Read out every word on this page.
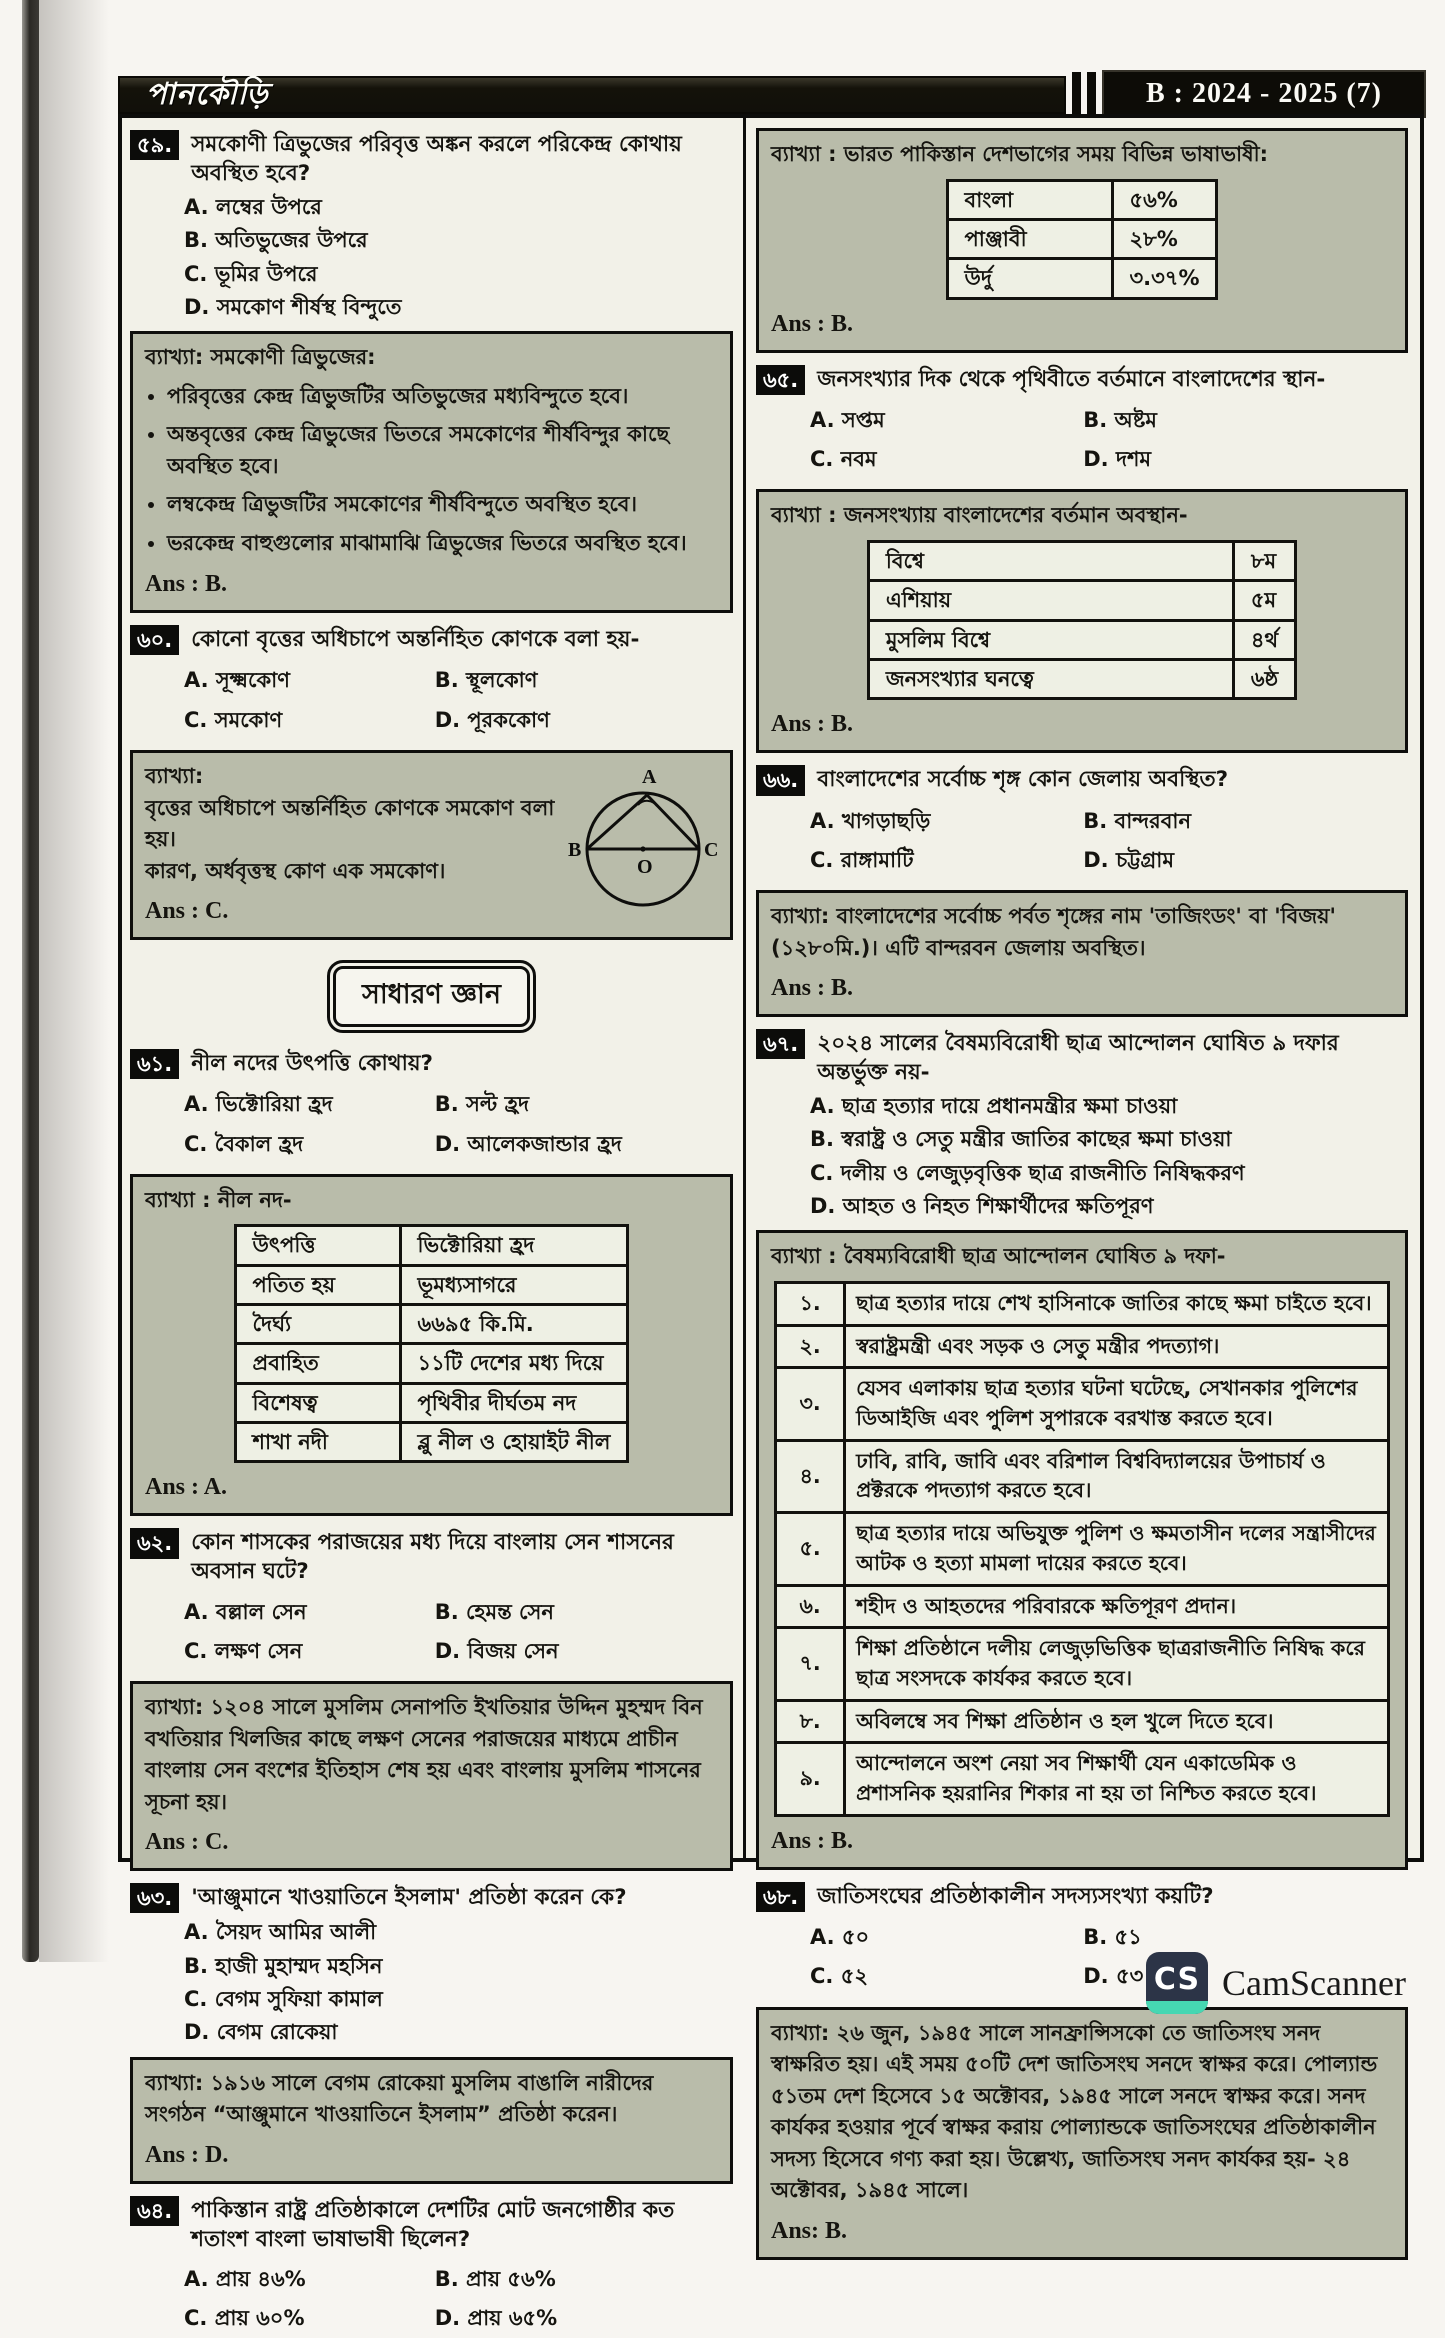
পানকৌড়ি	B : 2024 - 2025 (7)
৫৯. সমকোণী ত্রিভুজের পরিবৃত্ত অঙ্কন করলে পরিকেন্দ্র কোথায় অবস্থিত হবে?
A. লম্বের উপরে
B. অতিভুজের উপরে
C. ভূমির উপরে
D. সমকোণ শীর্ষস্থ বিন্দুতে
ব্যাখ্যা: সমকোণী ত্রিভুজের:
• পরিবৃত্তের কেন্দ্র ত্রিভুজটির অতিভুজের মধ্যবিন্দুতে হবে।
• অন্তবৃত্তের কেন্দ্র ত্রিভুজের ভিতরে সমকোণের শীর্ষবিন্দুর কাছে অবস্থিত হবে।
• লম্বকেন্দ্র ত্রিভুজটির সমকোণের শীর্ষবিন্দুতে অবস্থিত হবে।
• ভরকেন্দ্র বাহুগুলোর মাঝামাঝি ত্রিভুজের ভিতরে অবস্থিত হবে।
Ans : B.
৬০. কোনো বৃত্তের অধিচাপে অন্তর্নিহিত কোণকে বলা হয়-
A. সূক্ষ্মকোণ	B. স্থূলকোণ
C. সমকোণ	D. পূরককোণ
ব্যাখ্যা:
বৃত্তের অধিচাপে অন্তর্নিহিত কোণকে সমকোণ বলা হয়।
কারণ, অর্ধবৃত্তস্থ কোণ এক সমকোণ।
Ans : C.
A
B	C
O
সাধারণ জ্ঞান
৬১. নীল নদের উৎপত্তি কোথায়?
A. ভিক্টোরিয়া হ্রদ	B. সল্ট হ্রদ
C. বৈকাল হ্রদ	D. আলেকজান্ডার হ্রদ
ব্যাখ্যা : নীল নদ-
উৎপত্তি	ভিক্টোরিয়া হ্রদ
পতিত হয়	ভূমধ্যসাগরে
দৈর্ঘ্য	৬৬৯৫ কি.মি.
প্রবাহিত	১১টি দেশের মধ্য দিয়ে
বিশেষত্ব	পৃথিবীর দীর্ঘতম নদ
শাখা নদী	ব্লু নীল ও হোয়াইট নীল
Ans : A.
৬২. কোন শাসকের পরাজয়ের মধ্য দিয়ে বাংলায় সেন শাসনের অবসান ঘটে?
A. বল্লাল সেন	B. হেমন্ত সেন
C. লক্ষণ সেন	D. বিজয় সেন
ব্যাখ্যা: ১২০৪ সালে মুসলিম সেনাপতি ইখতিয়ার উদ্দিন মুহম্মদ বিন বখতিয়ার খিলজির কাছে লক্ষণ সেনের পরাজয়ের মাধ্যমে প্রাচীন বাংলায় সেন বংশের ইতিহাস শেষ হয় এবং বাংলায় মুসলিম শাসনের সূচনা হয়।
Ans : C.
৬৩. 'আঞ্জুমানে খাওয়াতিনে ইসলাম' প্রতিষ্ঠা করেন কে?
A. সৈয়দ আমির আলী
B. হাজী মুহাম্মদ মহসিন
C. বেগম সুফিয়া কামাল
D. বেগম রোকেয়া
ব্যাখ্যা: ১৯১৬ সালে বেগম রোকেয়া মুসলিম বাঙালি নারীদের সংগঠন “আঞ্জুমানে খাওয়াতিনে ইসলাম” প্রতিষ্ঠা করেন।
Ans : D.
৬৪. পাকিস্তান রাষ্ট্র প্রতিষ্ঠাকালে দেশটির মোট জনগোষ্ঠীর কত শতাংশ বাংলা ভাষাভাষী ছিলেন?
A. প্রায় ৪৬%	B. প্রায় ৫৬%
C. প্রায় ৬০%	D. প্রায় ৬৫%
ব্যাখ্যা : ভারত পাকিস্তান দেশভাগের সময় বিভিন্ন ভাষাভাষী:
বাংলা	৫৬%
পাঞ্জাবী	২৮%
উর্দু	৩.৩৭%
Ans : B.
৬৫. জনসংখ্যার দিক থেকে পৃথিবীতে বর্তমানে বাংলাদেশের স্থান-
A. সপ্তম	B. অষ্টম
C. নবম	D. দশম
ব্যাখ্যা : জনসংখ্যায় বাংলাদেশের বর্তমান অবস্থান-
বিশ্বে	৮ম
এশিয়ায়	৫ম
মুসলিম বিশ্বে	৪র্থ
জনসংখ্যার ঘনত্বে	৬ষ্ঠ
Ans : B.
৬৬. বাংলাদেশের সর্বোচ্চ শৃঙ্গ কোন জেলায় অবস্থিত?
A. খাগড়াছড়ি	B. বান্দরবান
C. রাঙ্গামাটি	D. চট্টগ্রাম
ব্যাখ্যা: বাংলাদেশের সর্বোচ্চ পর্বত শৃঙ্গের নাম 'তাজিংডং' বা 'বিজয়' (১২৮০মি.)। এটি বান্দরবন জেলায় অবস্থিত।
Ans : B.
৬৭. ২০২৪ সালের বৈষম্যবিরোধী ছাত্র আন্দোলন ঘোষিত ৯ দফার অন্তর্ভুক্ত নয়-
A. ছাত্র হত্যার দায়ে প্রধানমন্ত্রীর ক্ষমা চাওয়া
B. স্বরাষ্ট্র ও সেতু মন্ত্রীর জাতির কাছের ক্ষমা চাওয়া
C. দলীয় ও লেজুড়বৃত্তিক ছাত্র রাজনীতি নিষিদ্ধকরণ
D. আহত ও নিহত শিক্ষার্থীদের ক্ষতিপূরণ
ব্যাখ্যা : বৈষম্যবিরোধী ছাত্র আন্দোলন ঘোষিত ৯ দফা-
১.	ছাত্র হত্যার দায়ে শেখ হাসিনাকে জাতির কাছে ক্ষমা চাইতে হবে।
২.	স্বরাষ্ট্রমন্ত্রী এবং সড়ক ও সেতু মন্ত্রীর পদত্যাগ।
৩.	যেসব এলাকায় ছাত্র হত্যার ঘটনা ঘটেছে, সেখানকার পুলিশের ডিআইজি এবং পুলিশ সুপারকে বরখাস্ত করতে হবে।
৪.	ঢাবি, রাবি, জাবি এবং বরিশাল বিশ্ববিদ্যালয়ের উপাচার্য ও প্রক্টরকে পদত্যাগ করতে হবে।
৫.	ছাত্র হত্যার দায়ে অভিযুক্ত পুলিশ ও ক্ষমতাসীন দলের সন্ত্রাসীদের আটক ও হত্যা মামলা দায়ের করতে হবে।
৬.	শহীদ ও আহতদের পরিবারকে ক্ষতিপূরণ প্রদান।
৭.	শিক্ষা প্রতিষ্ঠানে দলীয় লেজুড়ভিত্তিক ছাত্ররাজনীতি নিষিদ্ধ করে ছাত্র সংসদকে কার্যকর করতে হবে।
৮.	অবিলম্বে সব শিক্ষা প্রতিষ্ঠান ও হল খুলে দিতে হবে।
৯.	আন্দোলনে অংশ নেয়া সব শিক্ষার্থী যেন একাডেমিক ও প্রশাসনিক হয়রানির শিকার না হয় তা নিশ্চিত করতে হবে।
Ans : B.
৬৮. জাতিসংঘের প্রতিষ্ঠাকালীন সদস্যসংখ্যা কয়টি?
A. ৫০	B. ৫১
C. ৫২	D. ৫৩
ব্যাখ্যা: ২৬ জুন, ১৯৪৫ সালে সানফ্রান্সিসকো তে জাতিসংঘ সনদ স্বাক্ষরিত হয়। এই সময় ৫০টি দেশ জাতিসংঘ সনদে স্বাক্ষর করে। পোল্যান্ড ৫১তম দেশ হিসেবে ১৫ অক্টোবর, ১৯৪৫ সালে সনদে স্বাক্ষর করে। সনদ কার্যকর হওয়ার পূর্বে স্বাক্ষর করায় পোল্যান্ডকে জাতিসংঘের প্রতিষ্ঠাকালীন সদস্য হিসেবে গণ্য করা হয়। উল্লেখ্য, জাতিসংঘ সনদ কার্যকর হয়- ২৪ অক্টোবর, ১৯৪৫ সালে।
Ans: B.
CS CamScanner
